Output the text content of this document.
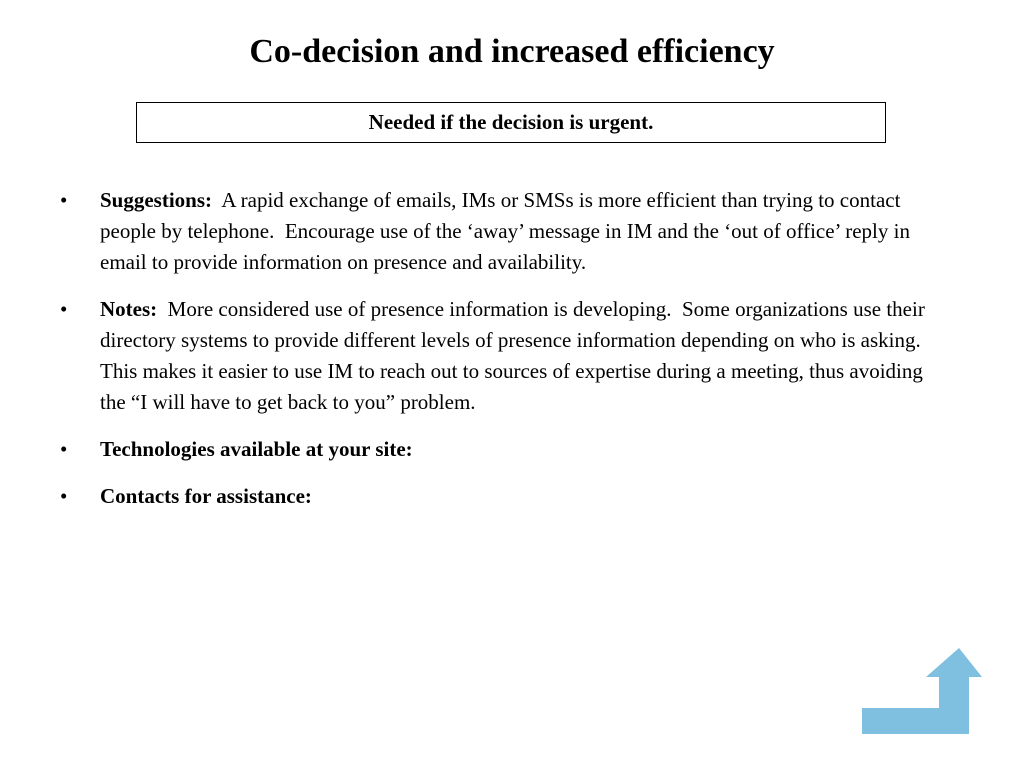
Co-decision and increased efficiency
Needed if the decision is urgent.
• Suggestions:  A rapid exchange of emails, IMs or SMSs is more efficient than trying to contact people by telephone.  Encourage use of the ‘away’ message in IM and the ‘out of office’ reply in email to provide information on presence and availability.
• Notes:  More considered use of presence information is developing.  Some organizations use their directory systems to provide different levels of presence information depending on who is asking.  This makes it easier to use IM to reach out to sources of expertise during a meeting, thus avoiding the “I will have to get back to you” problem.
• Technologies available at your site:
• Contacts for assistance:
